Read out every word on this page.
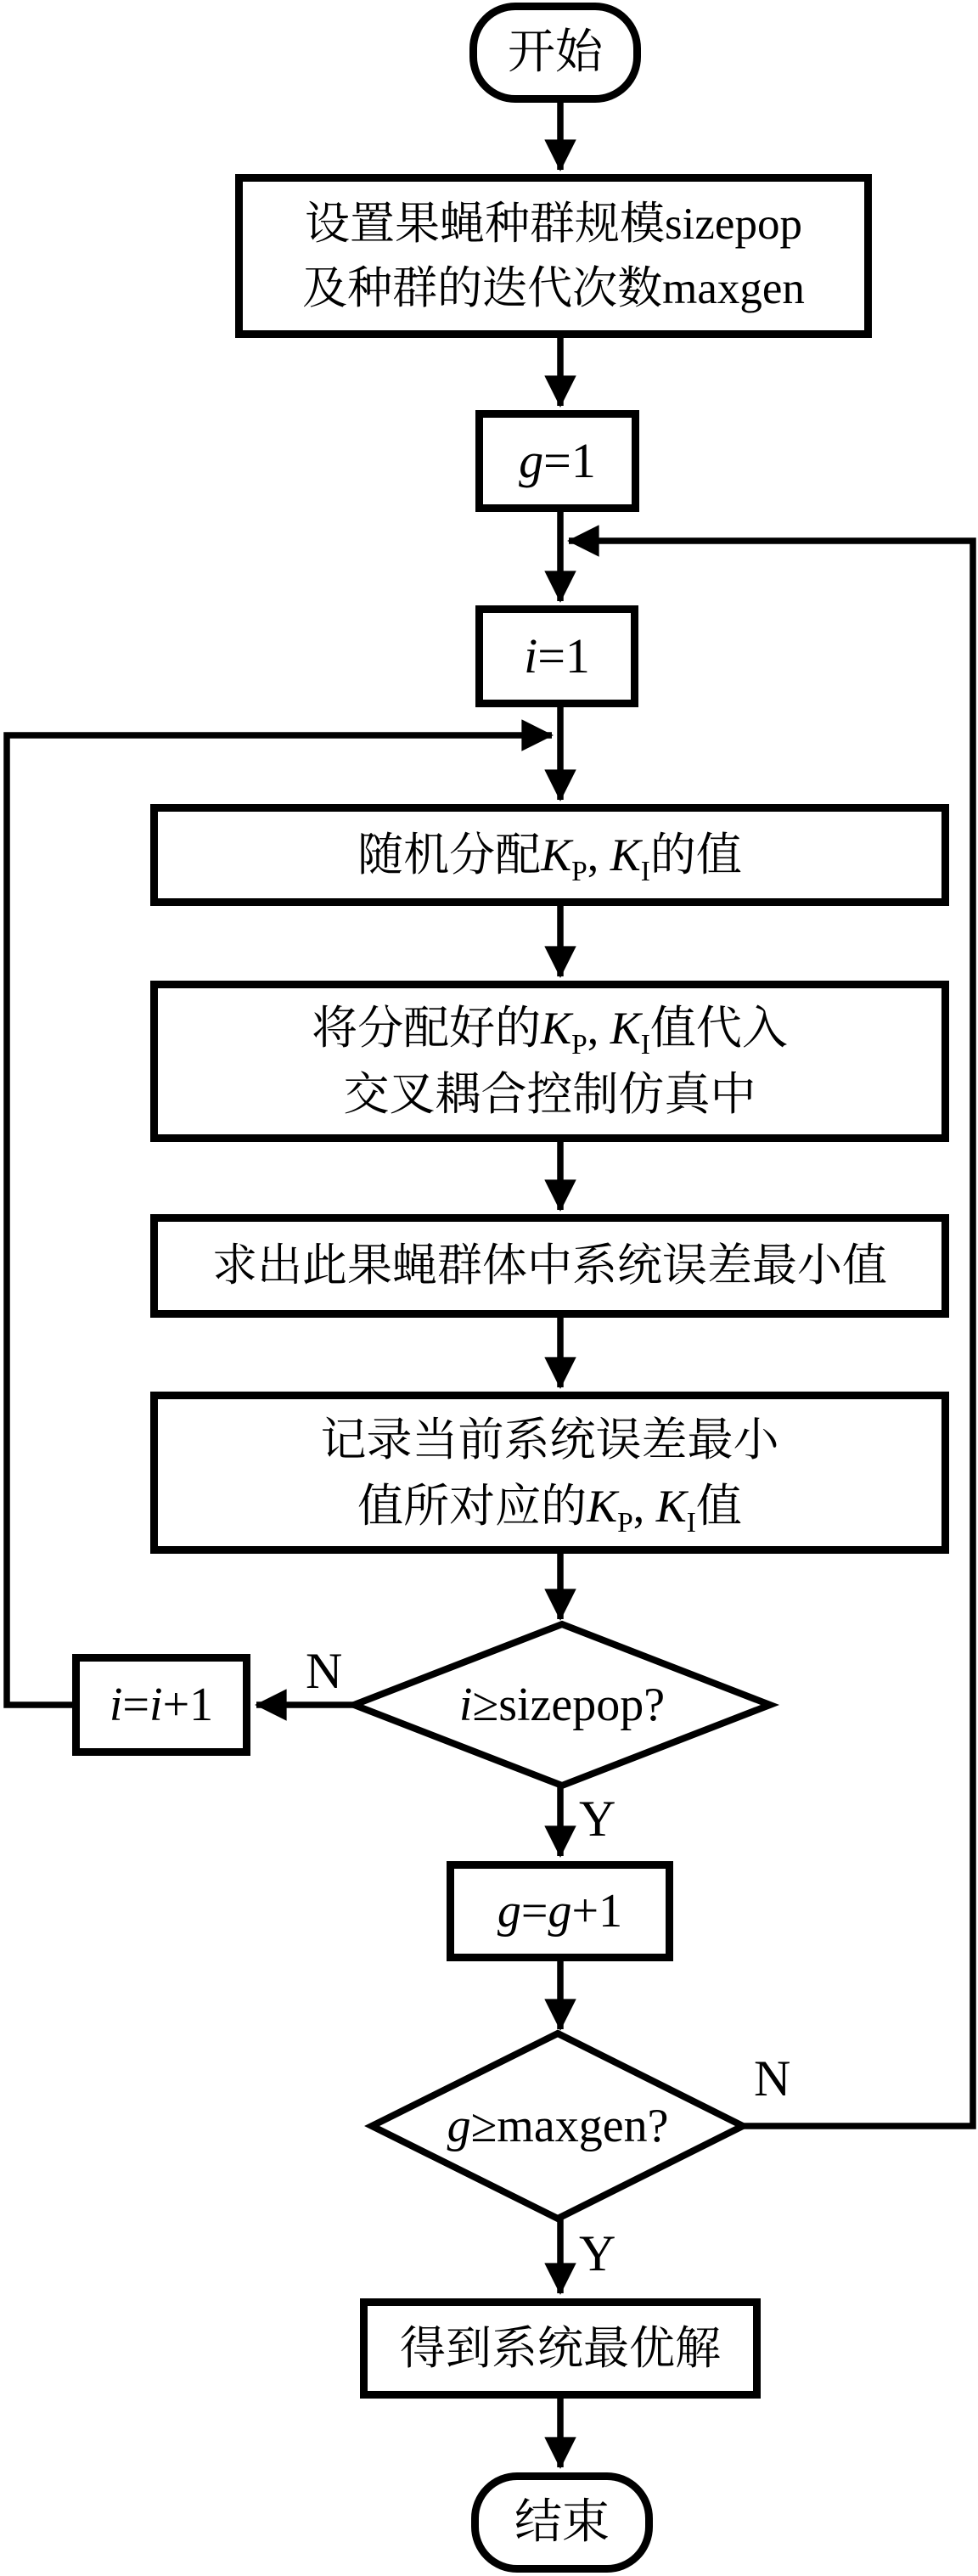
开始
设置果蝇种群规模sizepop
及种群的迭代次数maxgen
g=1
i=1
随机分配$K_P$, $K_I$的值
将分配好的$K_P$, $K_I$值代入
交叉耦合控制仿真中
求出此果蝇群体中系统误差最小值
记录当前系统误差最小
值所对应的$K_P$, $K_I$值
i≥sizepop?
i=i+1
g=g+1
g≥maxgen?
得到系统最优解
结束
N
Y
N
Y
